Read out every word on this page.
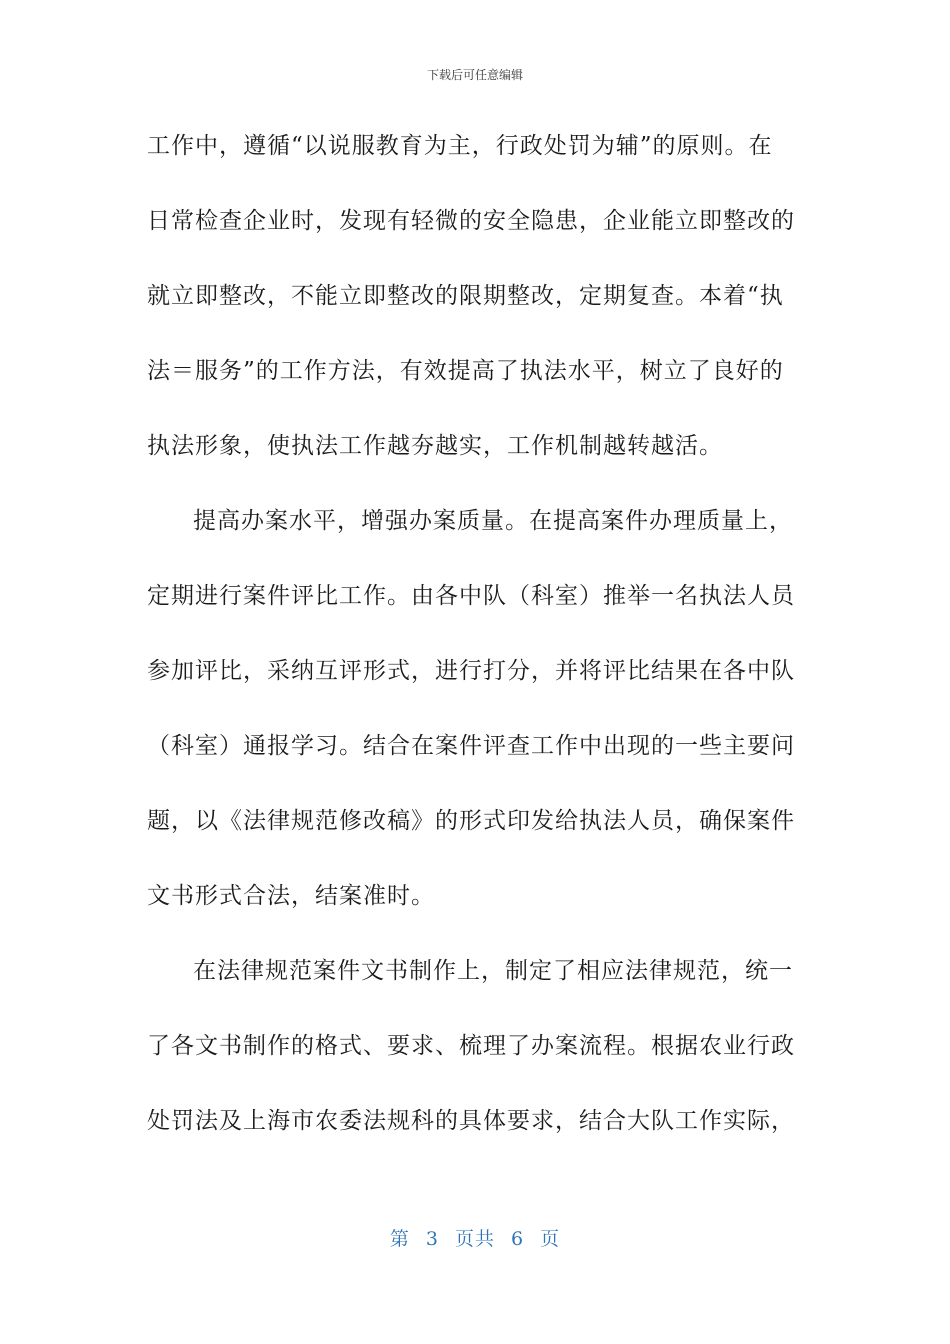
下载后可任意编辑
工作中，遵循“以说服教育为主，行政处罚为辅”的原则。在
日常检查企业时，发现有轻微的安全隐患，企业能立即整改的
就立即整改，不能立即整改的限期整改，定期复查。本着“执
法＝服务”的工作方法，有效提高了执法水平，树立了良好的
执法形象，使执法工作越夯越实，工作机制越转越活。
提高办案水平，增强办案质量。在提高案件办理质量上，
定期进行案件评比工作。由各中队（科室）推举一名执法人员
参加评比，采纳互评形式，进行打分，并将评比结果在各中队
（科室）通报学习。结合在案件评查工作中出现的一些主要问
题，以《法律规范修改稿》的形式印发给执法人员，确保案件
文书形式合法，结案准时。
在法律规范案件文书制作上，制定了相应法律规范，统一
了各文书制作的格式、要求、梳理了办案流程。根据农业行政
处罚法及上海市农委法规科的具体要求，结合大队工作实际，
第 3 页共 6 页
